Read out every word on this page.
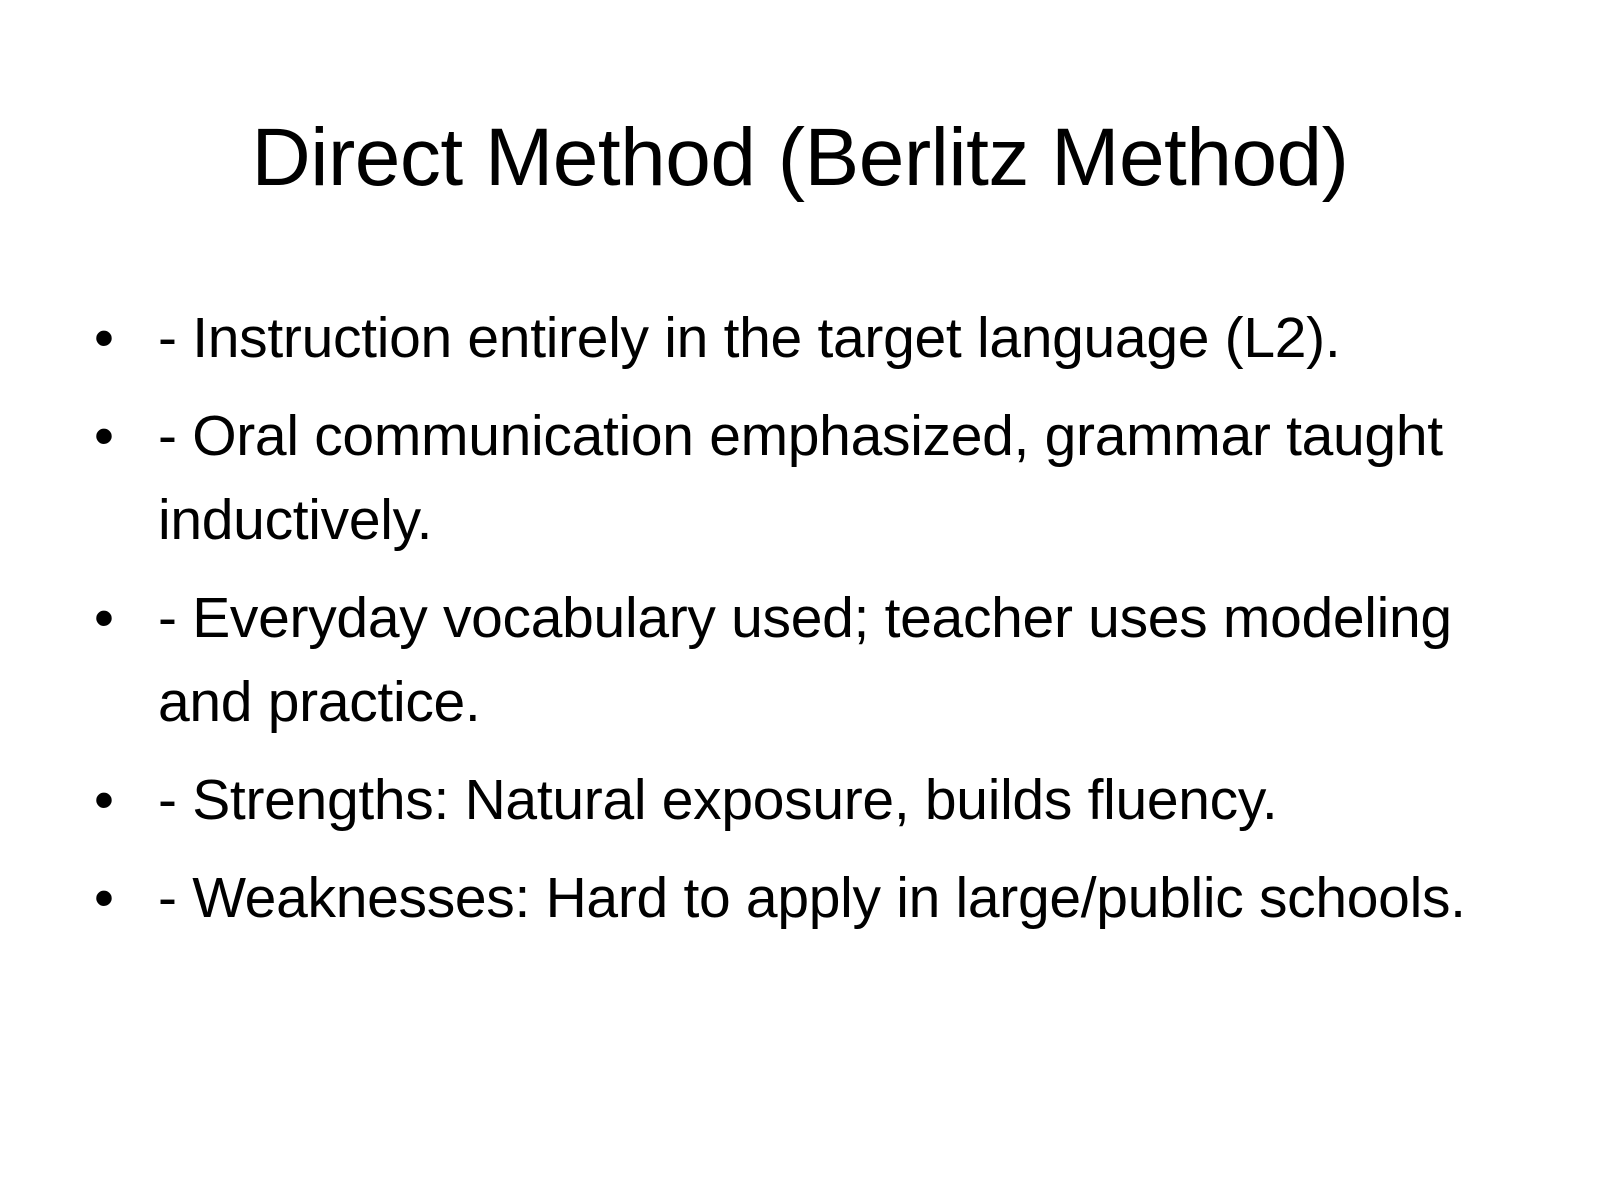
Direct Method (Berlitz Method)
• - Instruction entirely in the target language (L2).
• - Oral communication emphasized, grammar taught inductively.
• - Everyday vocabulary used; teacher uses modeling and practice.
• - Strengths: Natural exposure, builds fluency.
• - Weaknesses: Hard to apply in large/public schools.
